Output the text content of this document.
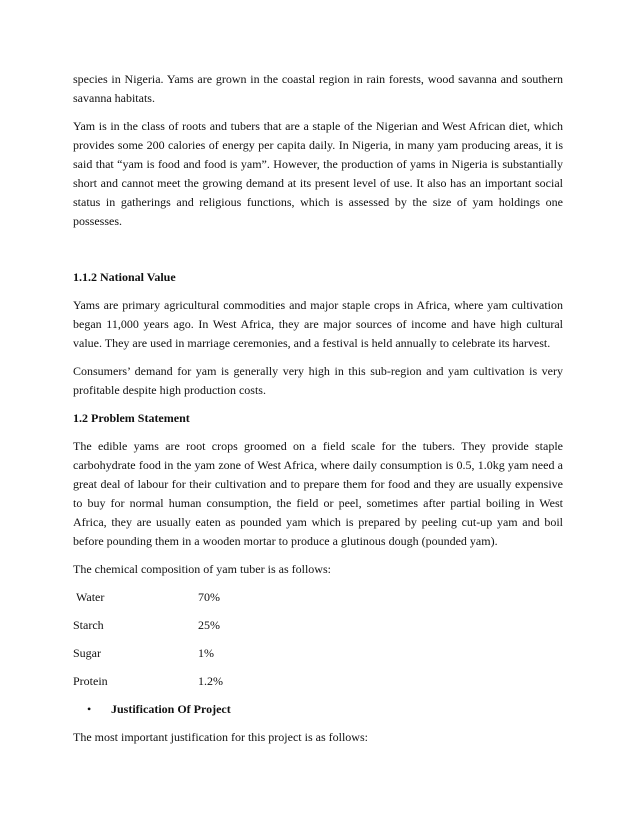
species in Nigeria. Yams are grown in the coastal region in rain forests, wood savanna and southern savanna habitats.

Yam is in the class of roots and tubers that are a staple of the Nigerian and West African diet, which provides some 200 calories of energy per capita daily. In Nigeria, in many yam producing areas, it is said that “yam is food and food is yam”. However, the production of yams in Nigeria is substantially short and cannot meet the growing demand at its present level of use. It also has an important social status in gatherings and religious functions, which is assessed by the size of yam holdings one possesses.

1.1.2 National Value

Yams are primary agricultural commodities and major staple crops in Africa, where yam cultivation began 11,000 years ago. In West Africa, they are major sources of income and have high cultural value. They are used in marriage ceremonies, and a festival is held annually to celebrate its harvest.

Consumers’ demand for yam is generally very high in this sub-region and yam cultivation is very profitable despite high production costs.

1.2 Problem Statement

The edible yams are root crops groomed on a field scale for the tubers. They provide staple carbohydrate food in the yam zone of West Africa, where daily consumption is 0.5, 1.0kg yam need a great deal of labour for their cultivation and to prepare them for food and they are usually expensive to buy for normal human consumption, the field or peel, sometimes after partial boiling in West Africa, they are usually eaten as pounded yam which is prepared by peeling cut-up yam and boil before pounding them in a wooden mortar to produce a glutinous dough (pounded yam).

The chemical composition of yam tuber is as follows:

Water	70%
Starch	25%
Sugar	1%
Protein	1.2%
•	Justification Of Project

The most important justification for this project is as follows:
